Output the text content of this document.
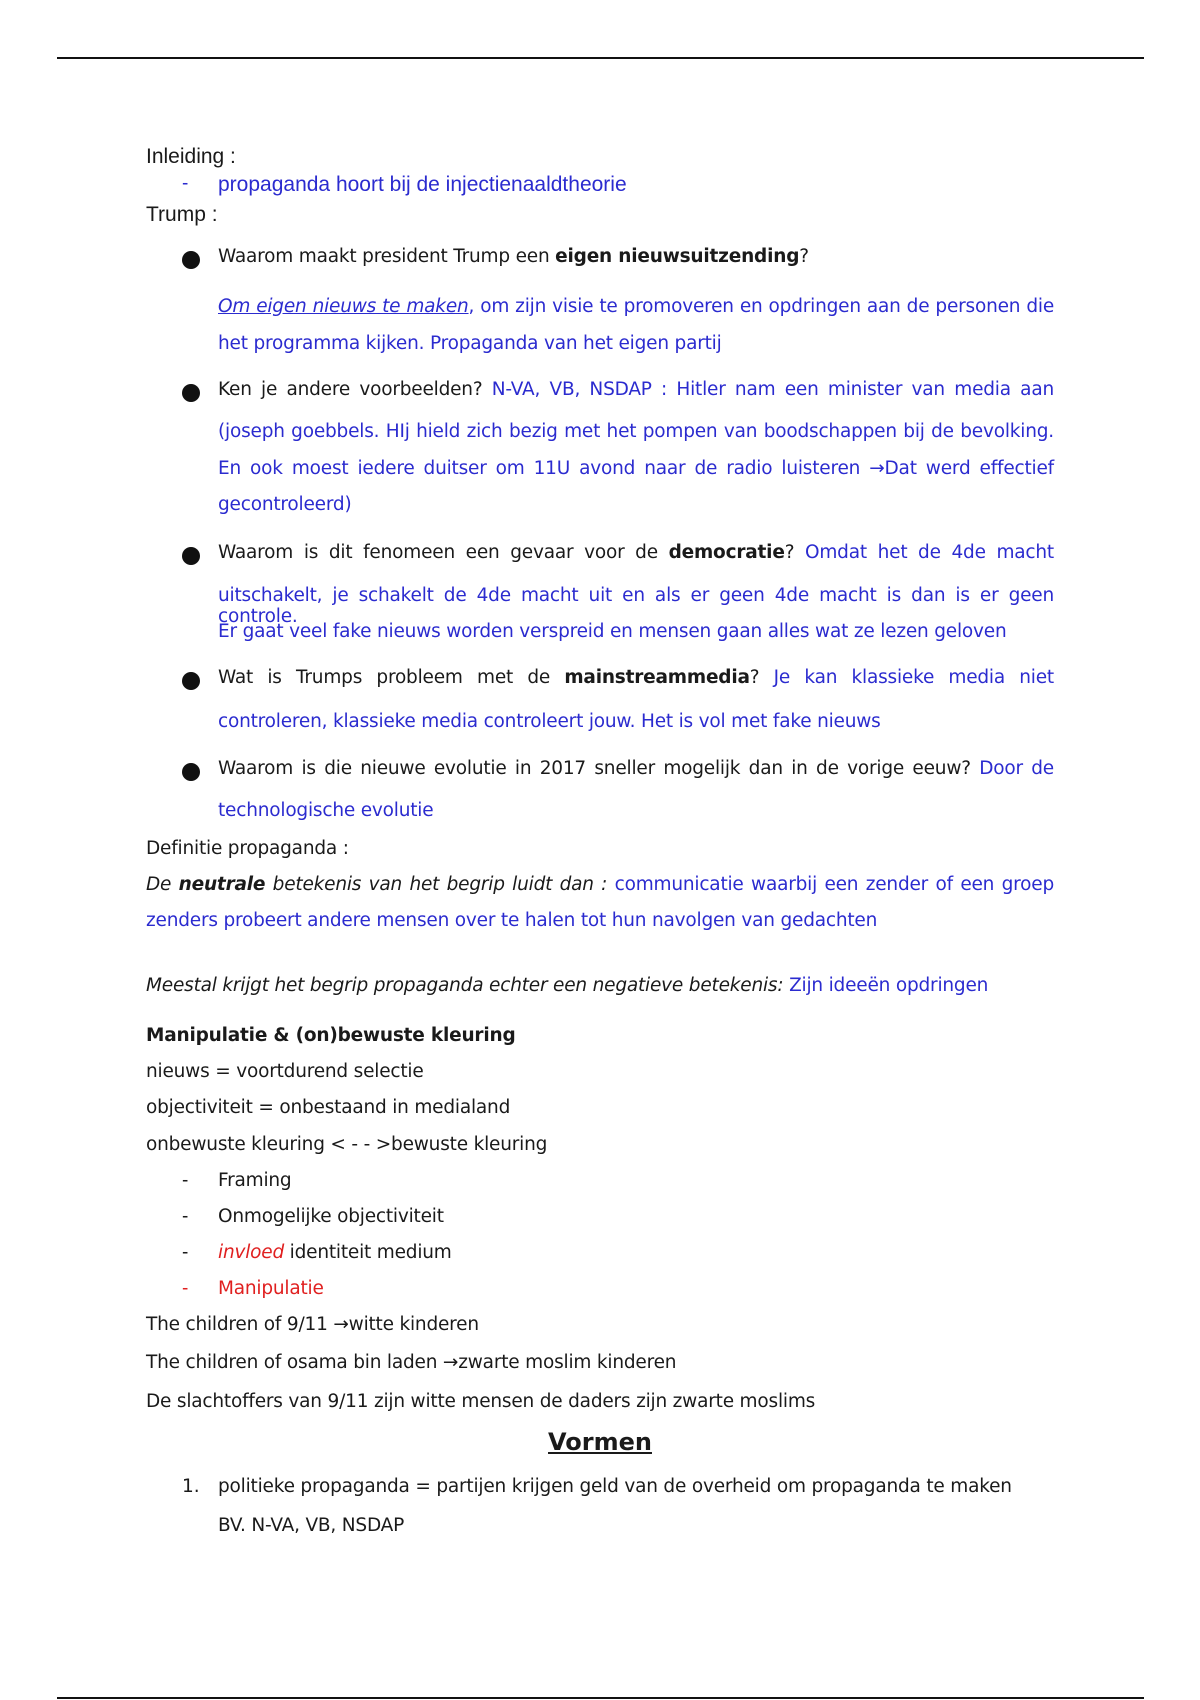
Inleiding :
- propaganda hoort bij de injectienaaldtheorie
Trump :
Waarom maakt president Trump een eigen nieuwsuitzending?
Om eigen nieuws te maken, om zijn visie te promoveren en opdringen aan de personen die
het programma kijken. Propaganda van het eigen partij
Ken je andere voorbeelden? N-VA, VB, NSDAP : Hitler nam een minister van media aan
(joseph goebbels. HIj hield zich bezig met het pompen van boodschappen bij de bevolking.
En ook moest iedere duitser om 11U avond naar de radio luisteren →Dat werd effectief
gecontroleerd)
Waarom is dit fenomeen een gevaar voor de democratie? Omdat het de 4de macht
uitschakelt, je schakelt de 4de macht uit en als er geen 4de macht is dan is er geen controle.
Er gaat veel fake nieuws worden verspreid en mensen gaan alles wat ze lezen geloven
Wat is Trumps probleem met de mainstreammedia? Je kan klassieke media niet
controleren, klassieke media controleert jouw. Het is vol met fake nieuws
Waarom is die nieuwe evolutie in 2017 sneller mogelijk dan in de vorige eeuw? Door de
technologische evolutie
Definitie propaganda :
De neutrale betekenis van het begrip luidt dan : communicatie waarbij een zender of een groep
zenders probeert andere mensen over te halen tot hun navolgen van gedachten
Meestal krijgt het begrip propaganda echter een negatieve betekenis: Zijn ideeën opdringen
Manipulatie & (on)bewuste kleuring
nieuws = voortdurend selectie
objectiviteit = onbestaand in medialand
onbewuste kleuring < - - >bewuste kleuring
- Framing
- Onmogelijke objectiviteit
- invloed identiteit medium
- Manipulatie
The children of 9/11 →witte kinderen
The children of osama bin laden →zwarte moslim kinderen
De slachtoffers van 9/11 zijn witte mensen de daders zijn zwarte moslims
Vormen
1. politieke propaganda = partijen krijgen geld van de overheid om propaganda te maken
BV. N-VA, VB, NSDAP
